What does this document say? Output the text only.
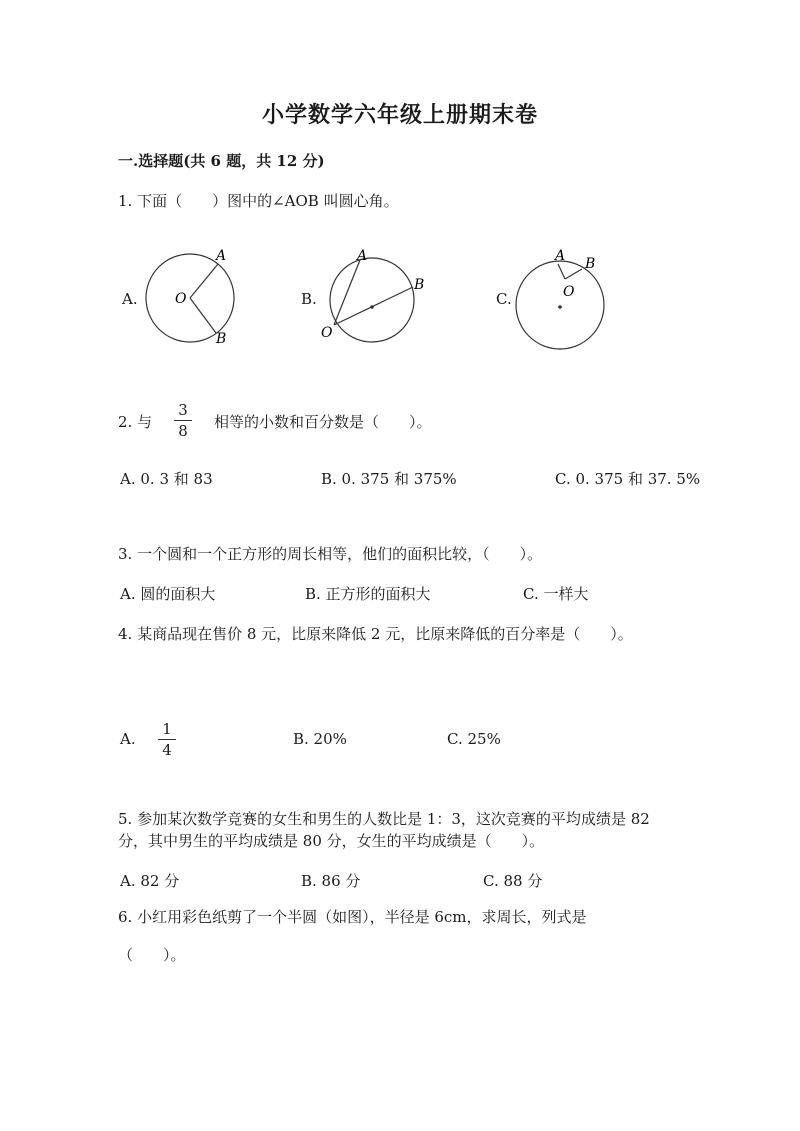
小学数学六年级上册期末卷
一.选择题(共 6 题，共 12 分)
1. 下面（　　）图中的∠AOB 叫圆心角。
A.
A
B
O	B.
A
B
O
C.
A B
O
2. 与
3
8	相等的小数和百分数是（　　）。
A. 0. 3 和 83	B. 0. 375 和 375%	C. 0. 375 和 37. 5%
3. 一个圆和一个正方形的周长相等，他们的面积比较，（　　）。
A. 圆的面积大	B. 正方形的面积大	C. 一样大
4. 某商品现在售价 8 元，比原来降低 2 元，比原来降低的百分率是（　　）。
A.
1
4
B. 20%	C. 25%
5. 参加某次数学竞赛的女生和男生的人数比是 1：3，这次竞赛的平均成绩是 82
分，其中男生的平均成绩是 80 分，女生的平均成绩是（　　）。
A. 82 分	B. 86 分	C. 88 分
6. 小红用彩色纸剪了一个半圆（如图），半径是 6cm，求周长，列式是
（　　）。
